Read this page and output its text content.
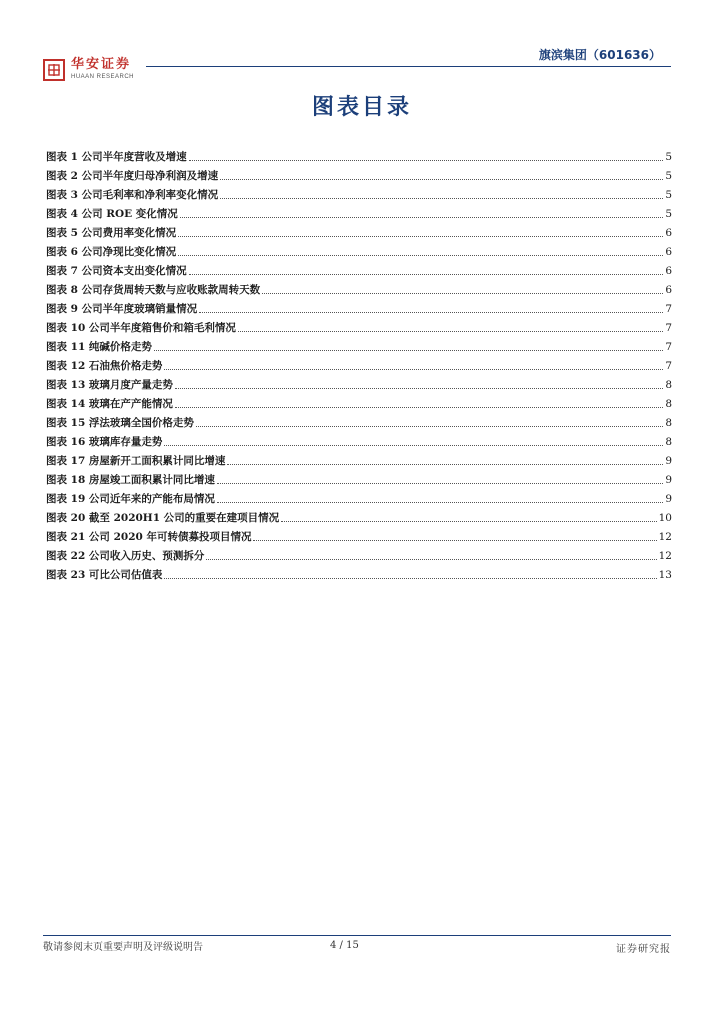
华安证券
HUAAN RESEARCH
旗滨集团（601636）
图表目录
图表 1 公司半年度营收及增速	5
图表 2 公司半年度归母净利润及增速	5
图表 3 公司毛利率和净利率变化情况	5
图表 4 公司 ROE 变化情况	5
图表 5 公司费用率变化情况	6
图表 6 公司净现比变化情况	6
图表 7 公司资本支出变化情况	6
图表 8 公司存货周转天数与应收账款周转天数	6
图表 9 公司半年度玻璃销量情况	7
图表 10 公司半年度箱售价和箱毛利情况	7
图表 11 纯碱价格走势	7
图表 12 石油焦价格走势	7
图表 13 玻璃月度产量走势	8
图表 14 玻璃在产产能情况	8
图表 15 浮法玻璃全国价格走势	8
图表 16 玻璃库存量走势	8
图表 17 房屋新开工面积累计同比增速	9
图表 18 房屋竣工面积累计同比增速	9
图表 19 公司近年来的产能布局情况	9
图表 20 截至 2020H1 公司的重要在建项目情况	10
图表 21 公司 2020 年可转债募投项目情况	12
图表 22 公司收入历史、预测拆分	12
图表 23 可比公司估值表	13
敬请参阅末页重要声明及评级说明告	4 / 15	证券研究报
